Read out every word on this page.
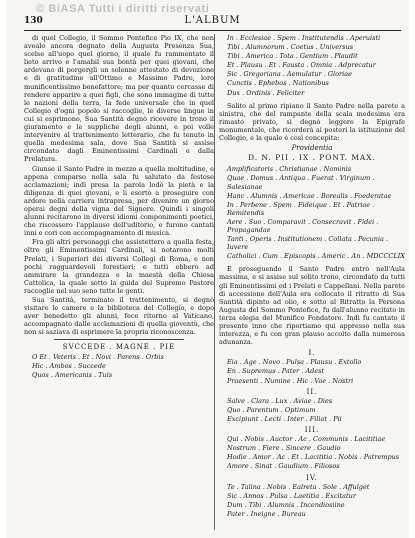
© BiASA Tutti i diritti riservati
130	L'ALBUM

di quel Collegio, il Sommo Pontefice Pio IX, che non avealo ancora degnato della Augusta Presenza Sua, scelse all'uopo quel giorno, il quale fu rammentato il lieto arrivo e l'amabil sua bontà per quei giovani, che ardevano di porgergli un solenne attestato di devozione e di gratitudine all'Ottimo e Massimo Padre, loro munificentissimo benefattore; ma per quanto cercasse di rendere apparire a quei figli, che sono immagine di tutte le nazioni della terra, la fede universale che in quel Collegio d'ogni popolo si raccoglie, le diverse lingue in cui si esprimono, Sua Santità degnò ricevere in trono il giuramento e le suppliche degli alunni, e poi volle intervenire al trattenimento letterario, che fu tenuto in quella medesima sala, dove Sua Santità si assise circondato dagli Eminentissimi Cardinali e dalla Prelatura.

Giunse il Santo Padre in mezzo a quella moltitudine, e appena comparso nella sala fu salutato da festose acclamazioni; indi presa la parola lodò la pietà e la diligenza di quei giovani, e li esortò a proseguire con ardore nella carriera intrapresa, per divenire un giorno operai degni della vigna del Signore. Quindi i singoli alunni recitarono in diversi idiomi componimenti poetici, che riscossero l'applauso dell'uditorio, e furono cantati inni e cori con accompagnamento di musica.

Fra gli altri personaggi che assistettero a quella festa, oltre gli Eminentissimi Cardinali, si notarono molti Prelati, i Superiori dei diversi Collegi di Roma, e non pochi ragguardevoli forestieri; e tutti ebbero ad ammirare la grandezza e la maestà della Chiesa Cattolica, la quale sotto la guida del Supremo Pastore raccoglie nel suo seno tutte le genti.

Sua Santità, terminato il trattenimento, si degnò visitare le camere e la biblioteca del Collegio, e dopo aver benedetto gli alunni, fece ritorno al Vaticano, accompagnato dalle acclamazioni di quella gioventù, che non si saziava di esprimere la propria riconoscenza.

SVCCEDE . MAGNE . PIE
O Et . Veteris . Et . Novi . Parens . Orbis
Hic . Ambos . Succede
Quos . Americanis . Tuis
In . Ecclesiae . Spem . Institutendis . Aperuisti
Tibi . Alumnorum . Coetus . Universus
Tibi . America . Tota . Gentium . Plaudit
Et . Plausu . Et . Fausta . Omnia . Adprecatur
Sic . Gregoriana . Aemulatur . Gloriae
Cunctis . Ephebos . Nationibus
Dux . Ordinis . Feliciter

Salito al primo ripiano il Santo Padre nella parete a sinistra, che del rampante della scala medesima era rimasto privato, si degnò leggere la Epigrafe monumentale, che ricorderà ai posteri la istituzione del Collegio, e la quale è così concepita:

Providentia
D. N. PII . IX . PONT. MAX.
Amplificatoris . Christianae . Nominis
Quae . Domus . Antiqua . Fuerat . Virginum . Salesianae
Hanc . Alumnis . Americae . Borealis . Foederatae
In . Perbene . Spem . Fideique . Et . Patriae . Remitendis
Aere . Suo . Comparavit . Consecravit . Fidei . Propagandae
Tanti . Operis . Institutionem . Collata . Pecunia . Iuvere
Catholici . Cum . Episcopis . Americ . An . MDCCCLIX

E proseguendo il Santo Padre entrò nell'Aula massima, e si assise sul solito trono, circondato da tutti gli Eminentissimi ed i Prelati e Cappellani. Nella parete di accessione dell'Aula era collocato il ritratto di Sua Santità dipinto ad olio, e sotto al Ritratto la Persona Augusta del Sommo Pontefice, fu dall'alunno recitato in terza elegia del Munifico Fondatore. Indi fu cantato il presente inno che riportiamo qui appresso nella sua interezza, e fu con gran plauso accolto dalla numerosa adunanza.

I.
Eia . Age . Novo . Pulsa . Plausu . Extollo
En . Supremus . Pater . Adest
Praesenti . Numine . Hic . Vae . Nostri
II.
Salve . Clara . Lux . Aviae . Dies
Quo . Parentum . Optimum
Excipiunt . Lecti . Inter . Filiat . Pii
III.
Qui . Nobis . Auctor . Ac . Communis . Lacititiae
Nostrum . Fiere . Sincere . Gaudio
Hodie . Amor . Ac . Et . Lacititia . Nobis . Patrempus
Amore . Sinat . Gaudium . Filiosos
IV.
Te . Talina . Nobis . Ealreta . Sole . Affulget
Sic . Annos . Pulsa . Laetitia . Excitatur
Dum . Tibi . Alumnis . Incendiosiine
Pater . Ineigne . Bureau
